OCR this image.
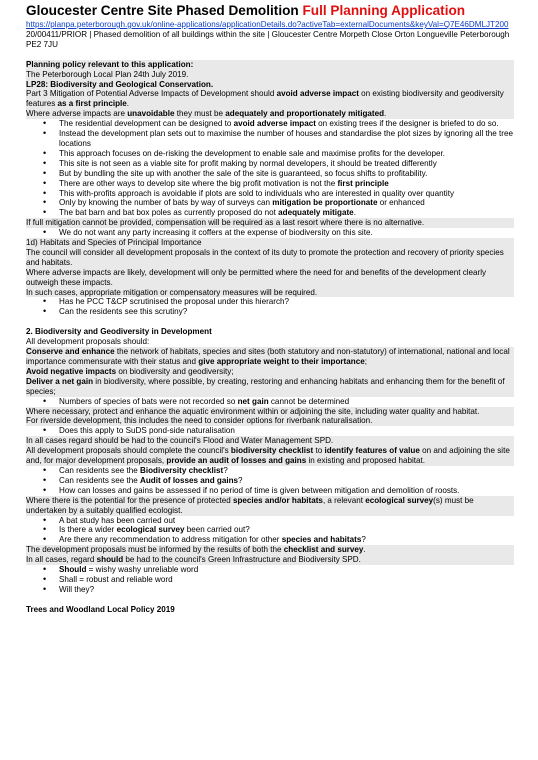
Gloucester Centre Site Phased Demolition Full Planning Application
https://planpa.peterborough.gov.uk/online-applications/applicationDetails.do?activeTab=externalDocuments&keyVal=Q7E46DMLJT200
20/00411/PRIOR | Phased demolition of all buildings within the site | Gloucester Centre Morpeth Close Orton Longueville Peterborough PE2 7JU
Planning policy relevant to this application:
The Peterborough Local Plan 24th July 2019.
LP28: Biodiversity and Geological Conservation.
Part 3 Mitigation of Potential Adverse Impacts of Development should avoid adverse impact on existing biodiversity and geodiversity features as a first principle.
Where adverse impacts are unavoidable they must be adequately and proportionately mitigated.
• The residential development can be designed to avoid adverse impact on existing trees if the designer is briefed to do so.
• Instead the development plan sets out to maximise the number of houses and standardise the plot sizes by ignoring all the tree locations
• This approach focuses on de-risking the development to enable sale and maximise profits for the developer.
• This site is not seen as a viable site for profit making by normal developers, it should be treated differently
• But by bundling the site up with another the sale of the site is guaranteed, so focus shifts to profitability.
• There are other ways to develop site where the big profit motivation is not the first principle
• This with-profits approach is avoidable if plots are sold to individuals who are interested in quality over quantity
• Only by knowing the number of bats by way of surveys can mitigation be proportionate or enhanced
• The bat barn and bat box poles as currently proposed do not adequately mitigate.
If full mitigation cannot be provided, compensation will be required as a last resort where there is no alternative.
• We do not want any party increasing it coffers at the expense of biodiversity on this site.
1d) Habitats and Species of Principal Importance
The council will consider all development proposals in the context of its duty to promote the protection and recovery of priority species and habitats.
Where adverse impacts are likely, development will only be permitted where the need for and benefits of the development clearly outweigh these impacts.
In such cases, appropriate mitigation or compensatory measures will be required.
• Has he PCC T&CP scrutinised the proposal under this hierarch?
• Can the residents see this scrutiny?
2. Biodiversity and Geodiversity in Development
All development proposals should:
Conserve and enhance the network of habitats, species and sites (both statutory and non-statutory) of international, national and local importance commensurate with their status and give appropriate weight to their importance;
Avoid negative impacts on biodiversity and geodiversity;
Deliver a net gain in biodiversity, where possible, by creating, restoring and enhancing habitats and enhancing them for the benefit of species;
• Numbers of species of bats were not recorded so net gain cannot be determined
Where necessary, protect and enhance the aquatic environment within or adjoining the site, including water quality and habitat.
For riverside development, this includes the need to consider options for riverbank naturalisation.
• Does this apply to SuDS pond-side naturalisation
In all cases regard should be had to the council's Flood and Water Management SPD.
All development proposals should complete the council's biodiversity checklist to identify features of value on and adjoining the site and, for major development proposals, provide an audit of losses and gains in existing and proposed habitat.
• Can residents see the Biodiversity checklist?
• Can residents see the Audit of losses and gains?
• How can losses and gains be assessed if no period of time is given between mitigation and demolition of roosts.
Where there is the potential for the presence of protected species and/or habitats, a relevant ecological survey(s) must be undertaken by a suitably qualified ecologist.
• A bat study has been carried out
• Is there a wider ecological survey been carried out?
• Are there any recommendation to address mitigation for other species and habitats?
The development proposals must be informed by the results of both the checklist and survey.
In all cases, regard should be had to the council's Green Infrastructure and Biodiversity SPD.
• Should = wishy washy unreliable word
• Shall = robust and reliable word
• Will they?
Trees and Woodland Local Policy 2019
